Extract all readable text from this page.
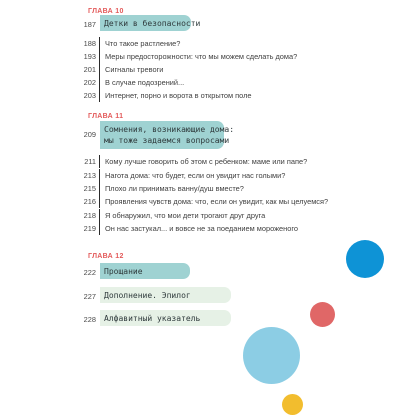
ГЛАВА 10
187 Детки в безопасности
188 Что такое растление?
193 Меры предосторожности: что мы можем сделать дома?
201 Сигналы тревоги
202 В случае подозрений...
203 Интернет, порно и ворота в открытом поле
ГЛАВА 11
209
Сомнения, возникающие дома:
мы тоже задаемся вопросами
211 Кому лучше говорить об этом с ребенком: маме или папе?
213 Нагота дома: что будет, если он увидит нас голыми?
215 Плохо ли принимать ванну/душ вместе?
216 Проявления чувств дома: что, если он увидит, как мы целуемся?
218 Я обнаружил, что мои дети трогают друг друга
219 Он нас застукал... и вовсе не за поеданием мороженого
ГЛАВА 12
222 Прощание
227 Дополнение. Эпилог
228 Алфавитный указатель
